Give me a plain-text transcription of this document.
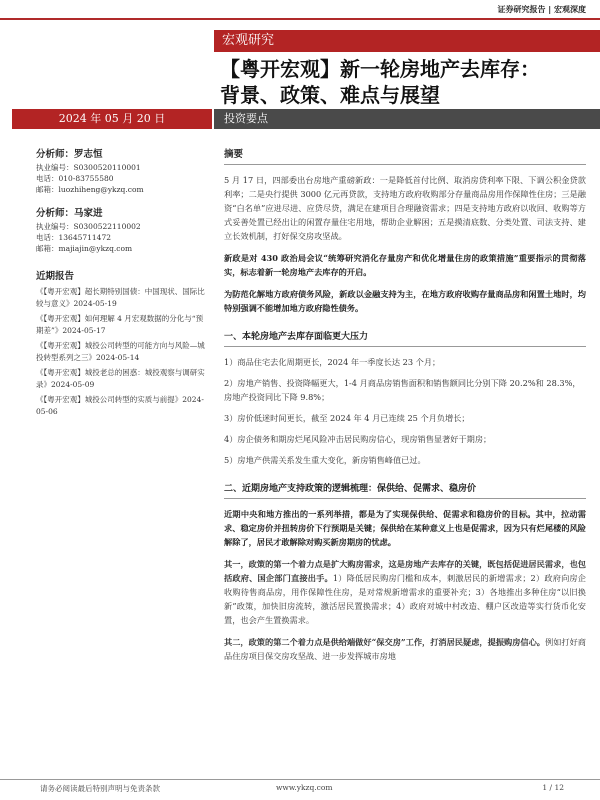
证券研究报告 | 宏观深度
宏观研究
【粤开宏观】新一轮房地产去库存：
背景、政策、难点与展望
2024 年 05 月 20 日	投资要点
分析师：罗志恒
执业编号：S0300520110001
电话：010-83755580
邮箱：luozhiheng@ykzq.com
分析师：马家进
执业编号：S0300522110002
电话：13645711472
邮箱：majiajin@ykzq.com
近期报告
《【粤开宏观】超长期特别国债：中国现状、国际比较与意义》2024-05-19
《【粤开宏观】如何理解 4 月宏观数据的分化与“预期差”》2024-05-17
《【粤开宏观】城投公司转型的可能方向与风险—城投转型系列之三》2024-05-14
《【粤开宏观】城投老总的困惑：城投观察与调研实录》2024-05-09
《【粤开宏观】城投公司转型的实质与前提》2024-05-06
摘要

5 月 17 日，四部委出台房地产重磅新政：一是降低首付比例、取消房贷利率下限、下调公积金贷款利率；二是央行提供 3000 亿元再贷款，支持地方政府收购部分存量商品房用作保障性住房；三是融资“白名单”应进尽进、应贷尽贷，满足在建项目合理融资需求；四是支持地方政府以收回、收购等方式妥善处置已经出让的闲置存量住宅用地，帮助企业解困；五是摸清底数、分类处置、司法支持、建立长效机制，打好保交房攻坚战。

新政是对 430 政治局会议“统筹研究消化存量房产和优化增量住房的政策措施”重要指示的贯彻落实，标志着新一轮房地产去库存的开启。

为防范化解地方政府债务风险，新政以金融支持为主，在地方政府收购存量商品房和闲置土地时，均特别强调不能增加地方政府隐性债务。

一、本轮房地产去库存面临更大压力

1）商品住宅去化周期更长，2024 年一季度长达 23 个月；

2）房地产销售、投资降幅更大，1-4 月商品房销售面积和销售额同比分别下降 20.2%和 28.3%，房地产投资同比下降 9.8%；

3）房价低迷时间更长，截至 2024 年 4 月已连续 25 个月负增长；

4）房企债务和期房烂尾风险冲击居民购房信心，现房销售显著好于期房；

5）房地产供需关系发生重大变化，新房销售峰值已过。

二、近期房地产支持政策的逻辑梳理：保供给、促需求、稳房价

近期中央和地方推出的一系列举措，都是为了实现保供给、促需求和稳房价的目标。其中，拉动需求、稳定房价并扭转房价下行预期是关键；保供给在某种意义上也是促需求，因为只有烂尾楼的风险解除了，居民才敢解除对购买新房期房的忧虑。

其一，政策的第一个着力点是扩大购房需求，这是房地产去库存的关键，既包括促进居民需求，也包括政府、国企部门直接出手。1）降低居民购房门槛和成本，刺激居民的新增需求；2）政府向房企收购待售商品房，用作保障性住房，是对常规新增需求的重要补充；3）各地推出多种住房“以旧换新”政策，加快旧房流转，激活居民置换需求；4）政府对城中村改造、棚户区改造等实行货币化安置，也会产生置换需求。

其二，政策的第二个着力点是供给端做好“保交房”工作，打消居民疑虑，提振购房信心。例如打好商品住房项目保交房攻坚战、进一步发挥城市房地

请务必阅读最后特别声明与免责条款	www.ykzq.com	1 / 12
